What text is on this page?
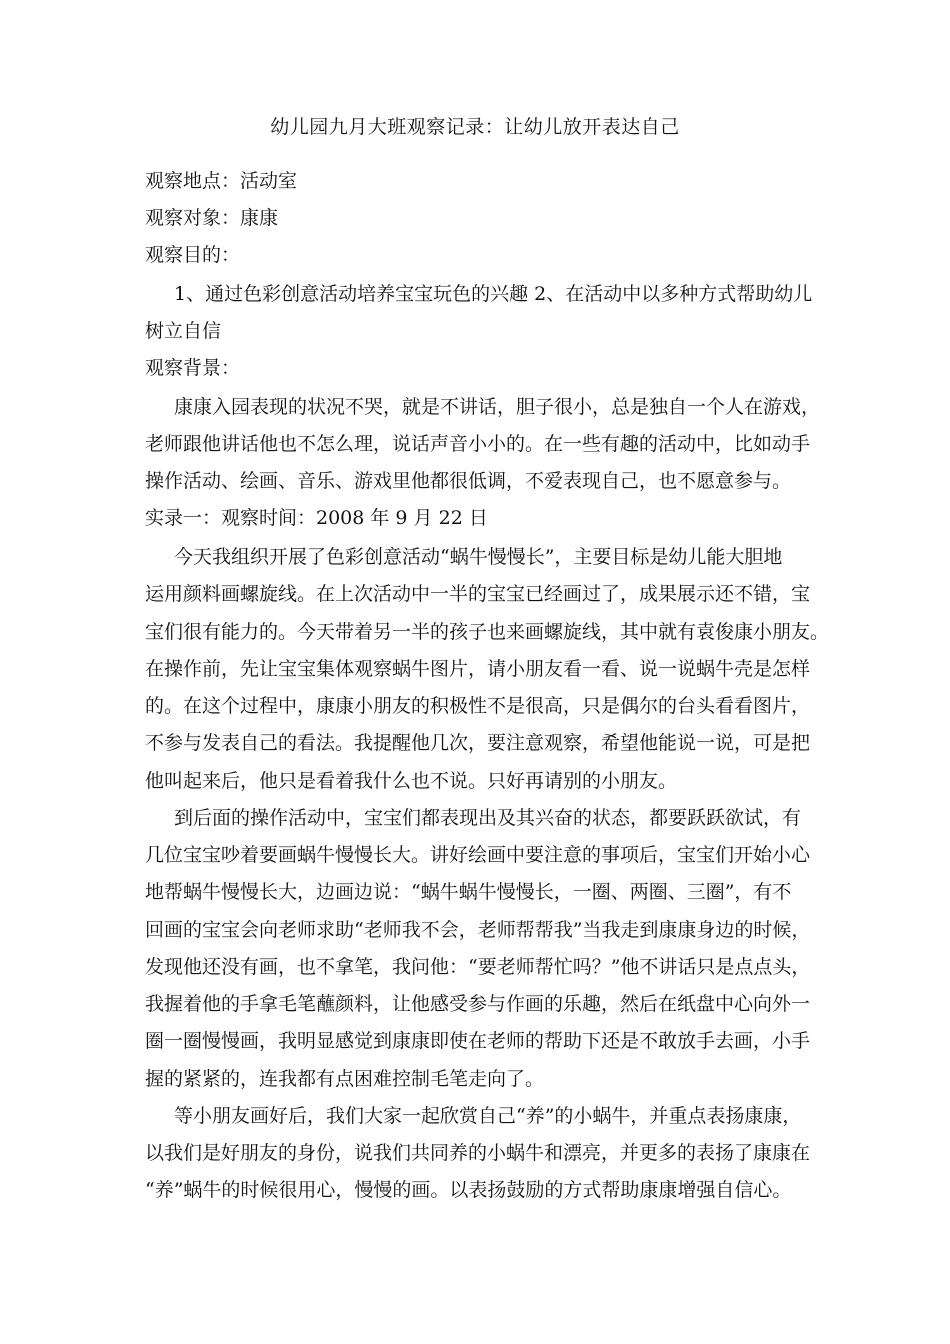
幼儿园九月大班观察记录：让幼儿放开表达自己
观察地点：活动室
观察对象：康康
观察目的：
1、通过色彩创意活动培养宝宝玩色的兴趣 2、在活动中以多种方式帮助幼儿
树立自信
观察背景：
康康入园表现的状况不哭，就是不讲话，胆子很小，总是独自一个人在游戏，
老师跟他讲话他也不怎么理，说话声音小小的。在一些有趣的活动中，比如动手
操作活动、绘画、音乐、游戏里他都很低调，不爱表现自己，也不愿意参与。
实录一：观察时间：2008 年 9 月 22 日
今天我组织开展了色彩创意活动“蜗牛慢慢长”，主要目标是幼儿能大胆地
运用颜料画螺旋线。在上次活动中一半的宝宝已经画过了，成果展示还不错，宝
宝们很有能力的。今天带着另一半的孩子也来画螺旋线，其中就有袁俊康小朋友。
在操作前，先让宝宝集体观察蜗牛图片，请小朋友看一看、说一说蜗牛壳是怎样
的。在这个过程中，康康小朋友的积极性不是很高，只是偶尔的台头看看图片，
不参与发表自己的看法。我提醒他几次，要注意观察，希望他能说一说，可是把
他叫起来后，他只是看着我什么也不说。只好再请别的小朋友。
到后面的操作活动中，宝宝们都表现出及其兴奋的状态，都要跃跃欲试，有
几位宝宝吵着要画蜗牛慢慢长大。讲好绘画中要注意的事项后，宝宝们开始小心
地帮蜗牛慢慢长大，边画边说：“蜗牛蜗牛慢慢长，一圈、两圈、三圈”，有不
回画的宝宝会向老师求助“老师我不会，老师帮帮我”当我走到康康身边的时候，
发现他还没有画，也不拿笔，我问他：“要老师帮忙吗？”他不讲话只是点点头，
我握着他的手拿毛笔蘸颜料，让他感受参与作画的乐趣，然后在纸盘中心向外一
圈一圈慢慢画，我明显感觉到康康即使在老师的帮助下还是不敢放手去画，小手
握的紧紧的，连我都有点困难控制毛笔走向了。
等小朋友画好后，我们大家一起欣赏自己“养”的小蜗牛，并重点表扬康康，
以我们是好朋友的身份，说我们共同养的小蜗牛和漂亮，并更多的表扬了康康在
“养”蜗牛的时候很用心，慢慢的画。以表扬鼓励的方式帮助康康增强自信心。
